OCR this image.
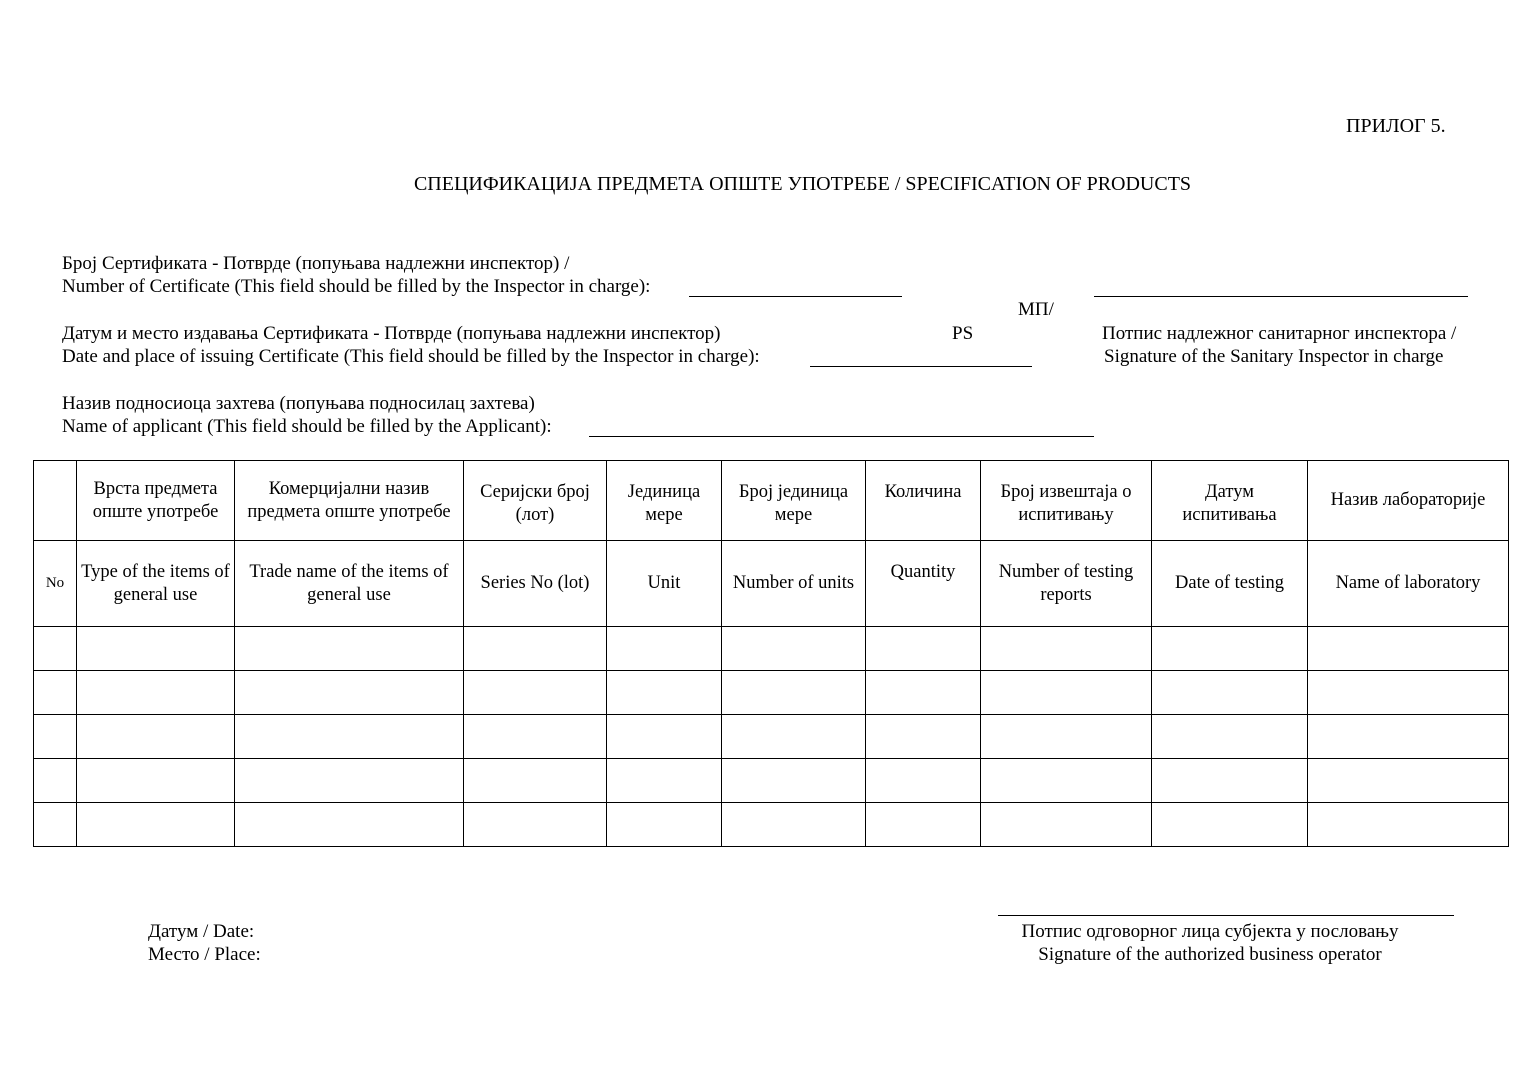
ПРИЛОГ 5.
СПЕЦИФИКАЦИЈА ПРЕДМЕТА ОПШТЕ УПОТРЕБЕ / SPECIFICATION OF PRODUCTS
Број Сертификата - Потврде (попуњава надлежни инспектор) /
Number of Certificate (This field should be filled by the Inspector in charge):
МП/
PS
Датум и место издавања Сертификата - Потврде (попуњава надлежни инспектор)
Date and place of issuing Certificate (This field should be filled by the Inspector in charge):
Потпис надлежног санитарног инспектора /
Signature of the Sanitary Inspector in charge
Назив подносиоца захтева (попуњава подносилац захтева)
Name of applicant (This field should be filled by the Applicant):
	Врста предмета опште употребе	Комерцијални назив предмета опште употребе	Серијски број (лот)	Јединица мере	Број јединица мере	Количина	Број извештаја о испитивању	Датум испитивања	Назив лабораторије
No	Type of the items of general use	Trade name of the items of general use	Series No (lot)	Unit	Number of units	Quantity	Number of testing reports	Date of testing	Name of laboratory

Датум / Date:
Место / Place:
Потпис одговорног лица субјекта у пословању
Signature of the authorized business operator
